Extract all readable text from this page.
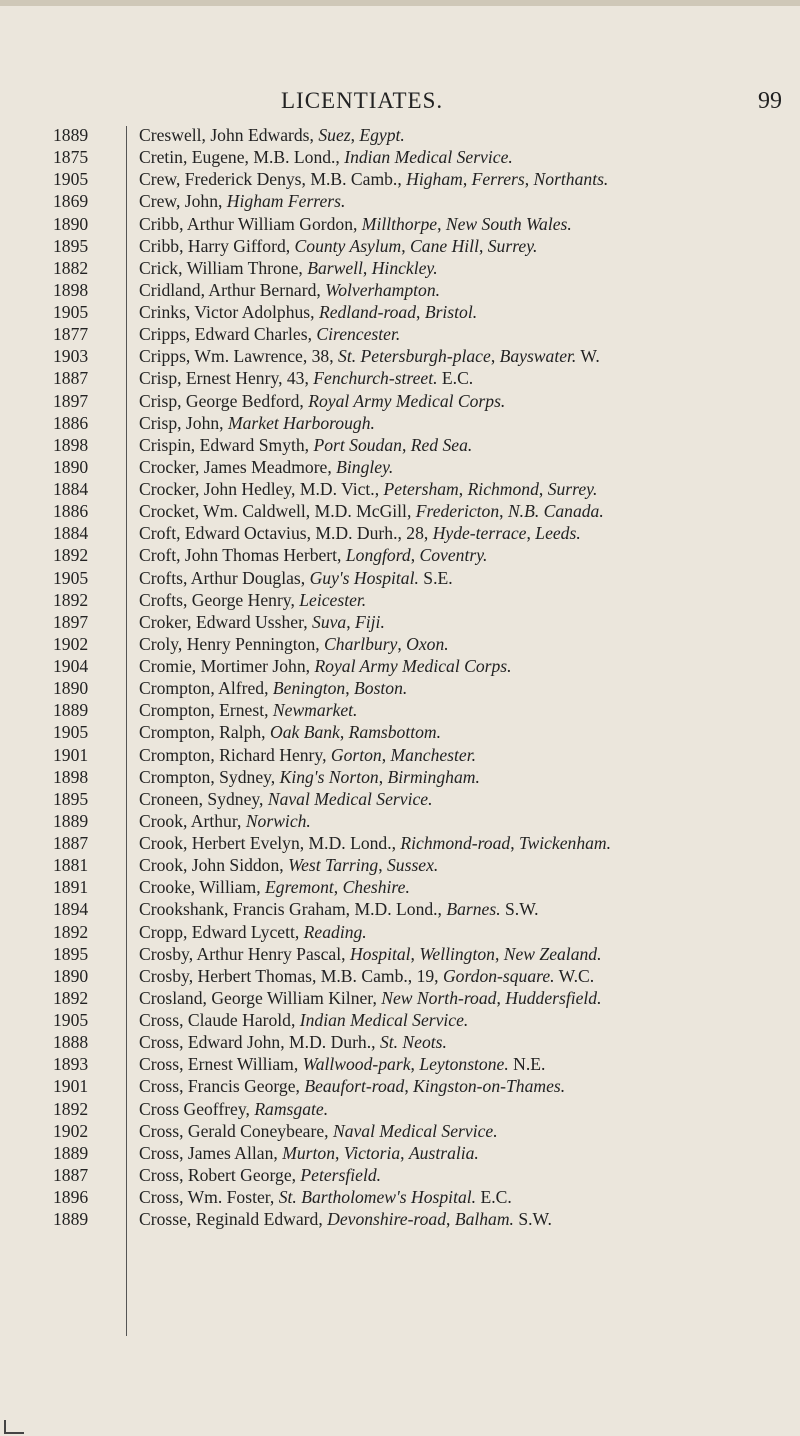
LICENTIATES.	99
1889	Creswell, John Edwards, Suez, Egypt.
1875	Cretin, Eugene, M.B. Lond., Indian Medical Service.
1905	Crew, Frederick Denys, M.B. Camb., Higham, Ferrers, Northants.
1869	Crew, John, Higham Ferrers.
1890	Cribb, Arthur William Gordon, Millthorpe, New South Wales.
1895	Cribb, Harry Gifford, County Asylum, Cane Hill, Surrey.
1882	Crick, William Throne, Barwell, Hinckley.
1898	Cridland, Arthur Bernard, Wolverhampton.
1905	Crinks, Victor Adolphus, Redland-road, Bristol.
1877	Cripps, Edward Charles, Cirencester.
1903	Cripps, Wm. Lawrence, 38, St. Petersburgh-place, Bayswater. W.
1887	Crisp, Ernest Henry, 43, Fenchurch-street. E.C.
1897	Crisp, George Bedford, Royal Army Medical Corps.
1886	Crisp, John, Market Harborough.
1898	Crispin, Edward Smyth, Port Soudan, Red Sea.
1890	Crocker, James Meadmore, Bingley.
1884	Crocker, John Hedley, M.D. Vict., Petersham, Richmond, Surrey.
1886	Crocket, Wm. Caldwell, M.D. McGill, Fredericton, N.B. Canada.
1884	Croft, Edward Octavius, M.D. Durh., 28, Hyde-terrace, Leeds.
1892	Croft, John Thomas Herbert, Longford, Coventry.
1905	Crofts, Arthur Douglas, Guy's Hospital. S.E.
1892	Crofts, George Henry, Leicester.
1897	Croker, Edward Ussher, Suva, Fiji.
1902	Croly, Henry Pennington, Charlbury, Oxon.
1904	Cromie, Mortimer John, Royal Army Medical Corps.
1890	Crompton, Alfred, Benington, Boston.
1889	Crompton, Ernest, Newmarket.
1905	Crompton, Ralph, Oak Bank, Ramsbottom.
1901	Crompton, Richard Henry, Gorton, Manchester.
1898	Crompton, Sydney, King's Norton, Birmingham.
1895	Croneen, Sydney, Naval Medical Service.
1889	Crook, Arthur, Norwich.
1887	Crook, Herbert Evelyn, M.D. Lond., Richmond-road, Twickenham.
1881	Crook, John Siddon, West Tarring, Sussex.
1891	Crooke, William, Egremont, Cheshire.
1894	Crookshank, Francis Graham, M.D. Lond., Barnes. S.W.
1892	Cropp, Edward Lycett, Reading.
1895	Crosby, Arthur Henry Pascal, Hospital, Wellington, New Zealand.
1890	Crosby, Herbert Thomas, M.B. Camb., 19, Gordon-square. W.C.
1892	Crosland, George William Kilner, New North-road, Huddersfield.
1905	Cross, Claude Harold, Indian Medical Service.
1888	Cross, Edward John, M.D. Durh., St. Neots.
1893	Cross, Ernest William, Wallwood-park, Leytonstone. N.E.
1901	Cross, Francis George, Beaufort-road, Kingston-on-Thames.
1892	Cross Geoffrey, Ramsgate.
1902	Cross, Gerald Coneybeare, Naval Medical Service.
1889	Cross, James Allan, Murton, Victoria, Australia.
1887	Cross, Robert George, Petersfield.
1896	Cross, Wm. Foster, St. Bartholomew's Hospital. E.C.
1889	Crosse, Reginald Edward, Devonshire-road, Balham. S.W.
